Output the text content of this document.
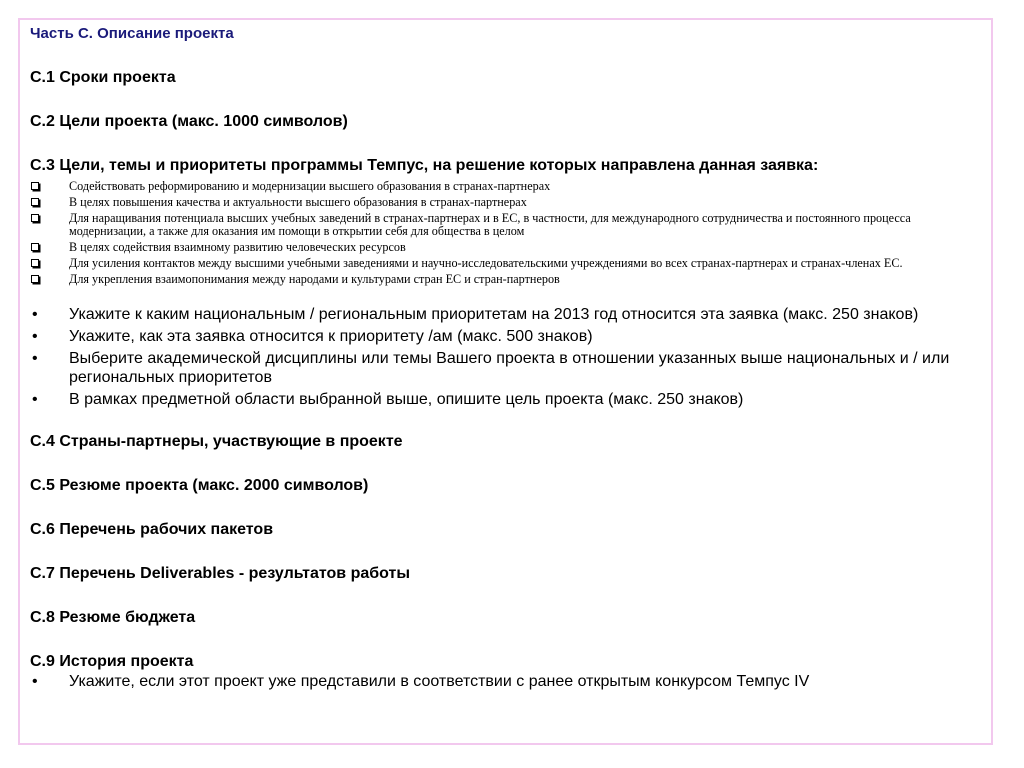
Часть С. Описание проекта

С.1 Сроки проекта

С.2 Цели проекта (макс. 1000 символов)

С.3 Цели, темы и приоритеты программы Темпус, на решение которых направлена данная заявка:

Содействовать реформированию и модернизации высшего образования в странах-партнерах
В целях повышения качества и актуальности высшего образования в странах-партнерах
Для наращивания потенциала высших учебных заведений в странах-партнерах и в ЕС, в частности, для международного сотрудничества и постоянного процесса модернизации, а также для оказания им помощи в открытии себя для общества в целом
В целях содействия взаимному развитию человеческих ресурсов
Для усиления контактов между высшими учебными заведениями и научно-исследовательскими учреждениями во всех странах-партнерах и странах-членах ЕС.
Для укрепления взаимопонимания между народами и культурами стран ЕС и стран-партнеров
• Укажите к каким национальным / региональным приоритетам на 2013 год относится эта заявка (макс. 250 знаков)
• Укажите, как эта заявка относится к приоритету /ам (макс. 500 знаков)
• Выберите академической дисциплины или темы Вашего проекта в отношении указанных выше национальных и / или региональных приоритетов
• В рамках предметной области выбранной выше, опишите цель проекта (макс. 250 знаков)

С.4 Страны-партнеры, участвующие в проекте

С.5 Резюме проекта (макс. 2000 символов)

С.6 Перечень рабочих пакетов

С.7 Перечень Deliverables - результатов работы

С.8 Резюме бюджета

С.9 История проекта

• Укажите, если этот проект уже представили в соответствии с ранее открытым конкурсом Темпус IV
